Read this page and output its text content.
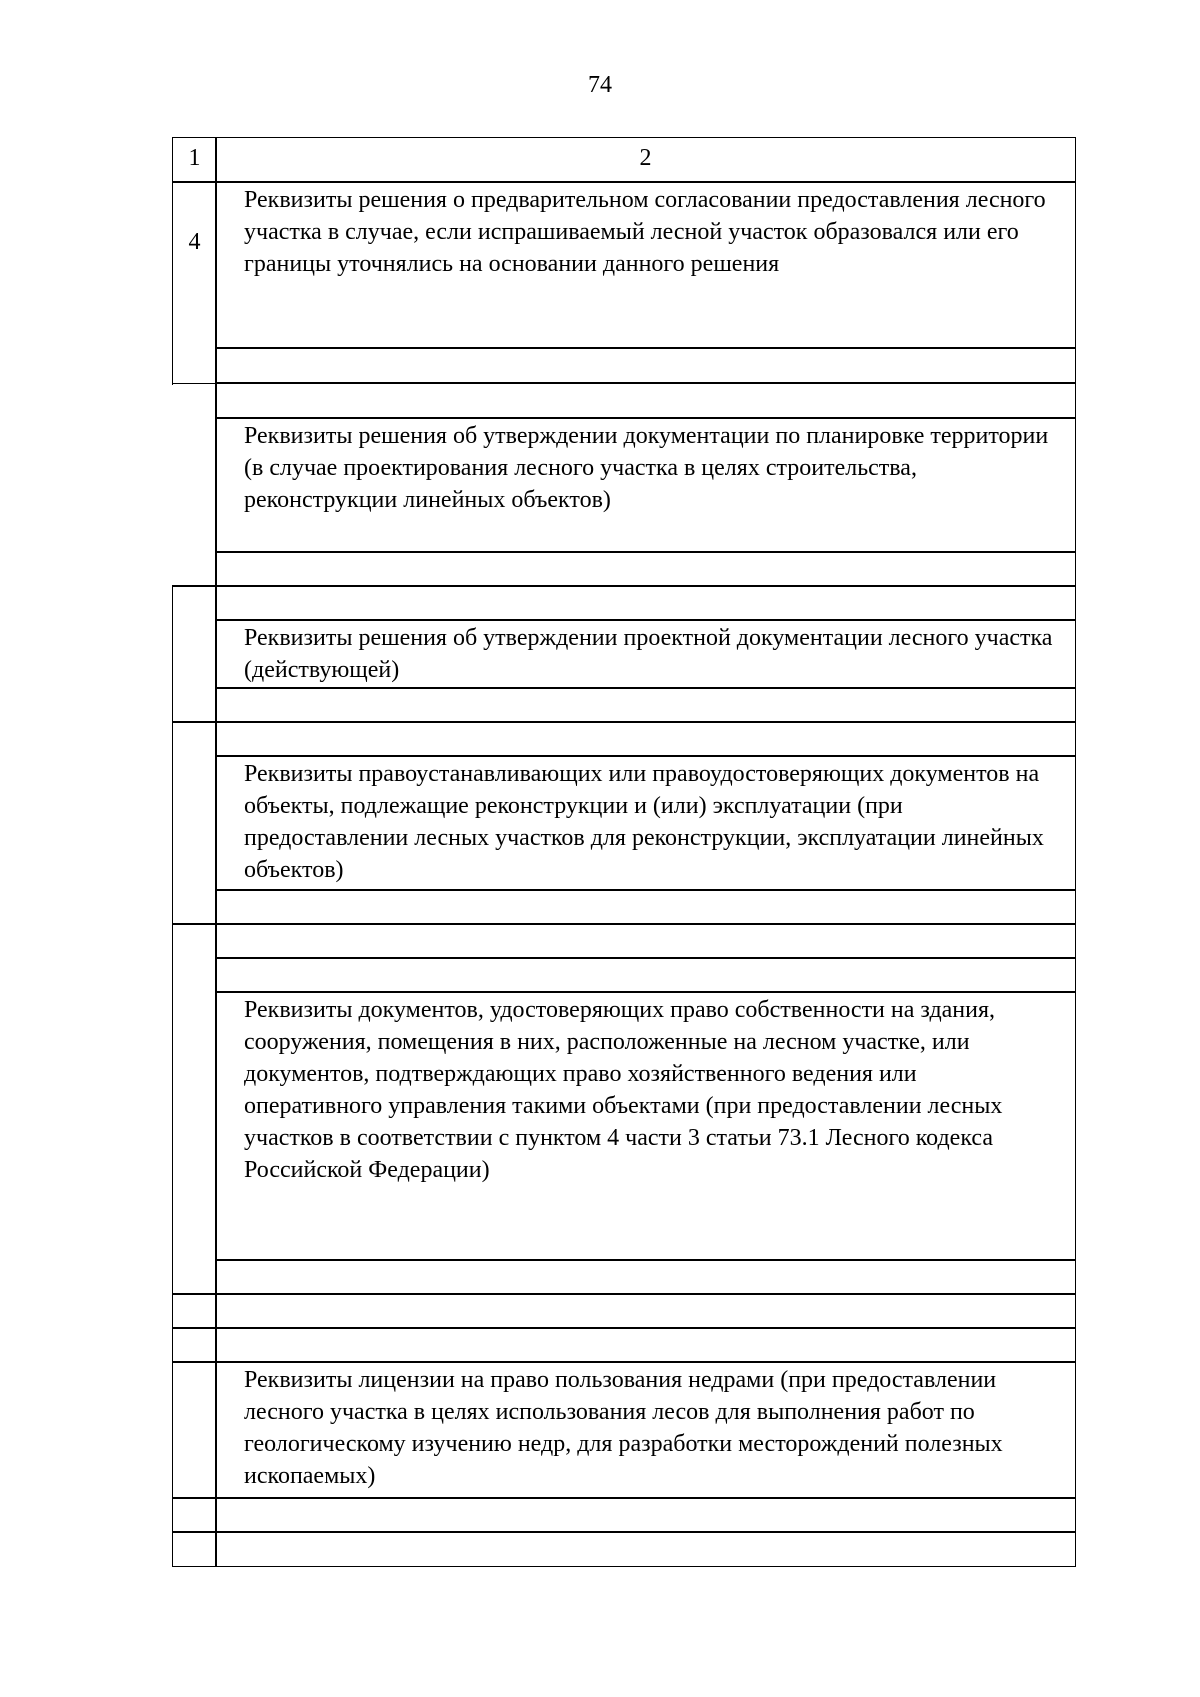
74
1	2
4
Реквизиты решения о предварительном согласовании предоставления лесного участка в случае, если испрашиваемый лесной участок образовался или его границы уточнялись на основании данного решения
Реквизиты решения об утверждении документации по планировке территории (в случае проектирования лесного участка в целях строительства, реконструкции линейных объектов)
Реквизиты решения об утверждении проектной документации лесного участка (действующей)
Реквизиты правоустанавливающих или правоудостоверяющих документов на объекты, подлежащие реконструкции и (или) эксплуатации (при предоставлении лесных участков для реконструкции, эксплуатации линейных объектов)
Реквизиты документов, удостоверяющих право собственности на здания, сооружения, помещения в них, расположенные на лесном участке, или документов, подтверждающих право хозяйственного ведения или оперативного управления такими объектами (при предоставлении лесных участков в соответствии с пунктом 4 части 3 статьи 73.1 Лесного кодекса Российской Федерации)
Реквизиты лицензии на право пользования недрами (при предоставлении лесного участка в целях использования лесов для выполнения работ по геологическому изучению недр, для разработки месторождений полезных ископаемых)
